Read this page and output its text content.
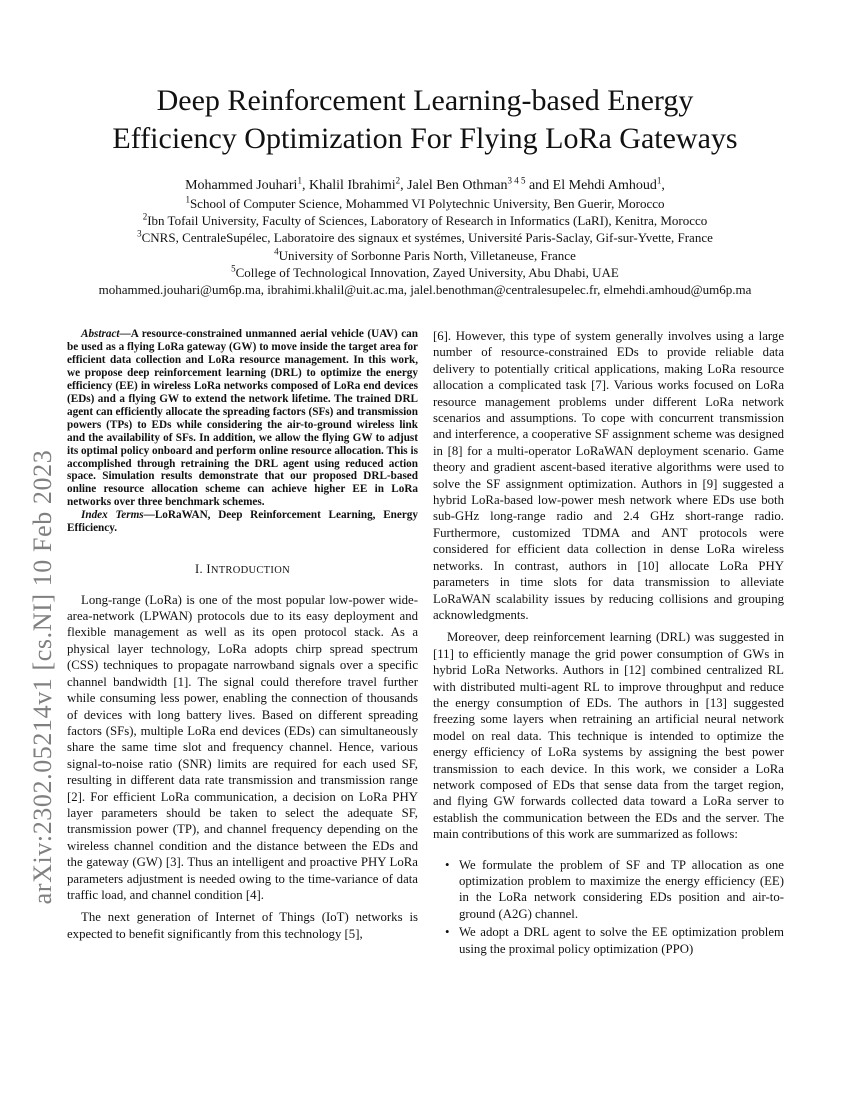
arXiv:2302.05214v1 [cs.NI] 10 Feb 2023
Deep Reinforcement Learning-based Energy
Efficiency Optimization For Flying LoRa Gateways
Mohammed Jouhari$^1$, Khalil Ibrahimi$^2$, Jalel Ben Othman$^{3 4 5}$ and El Mehdi Amhoud$^1$,
$^1$School of Computer Science, Mohammed VI Polytechnic University, Ben Guerir, Morocco
$^2$Ibn Tofail University, Faculty of Sciences, Laboratory of Research in Informatics (LaRI), Kenitra, Morocco
$^3$CNRS, CentraleSupélec, Laboratoire des signaux et systémes, Université Paris-Saclay, Gif-sur-Yvette, France
$^4$University of Sorbonne Paris North, Villetaneuse, France
$^5$College of Technological Innovation, Zayed University, Abu Dhabi, UAE
mohammed.jouhari@um6p.ma, ibrahimi.khalil@uit.ac.ma, jalel.benothman@centralesupelec.fr, elmehdi.amhoud@um6p.ma

Abstract—A resource-constrained unmanned aerial vehicle (UAV) can be used as a flying LoRa gateway (GW) to move inside the target area for efficient data collection and LoRa resource management. In this work, we propose deep reinforcement learning (DRL) to optimize the energy efficiency (EE) in wireless LoRa networks composed of LoRa end devices (EDs) and a flying GW to extend the network lifetime. The trained DRL agent can efficiently allocate the spreading factors (SFs) and transmission powers (TPs) to EDs while considering the air-to-ground wireless link and the availability of SFs. In addition, we allow the flying GW to adjust its optimal policy onboard and perform online resource allocation. This is accomplished through retraining the DRL agent using reduced action space. Simulation results demonstrate that our proposed DRL-based online resource allocation scheme can achieve higher EE in LoRa networks over three benchmark schemes.

Index Terms—LoRaWAN, Deep Reinforcement Learning, Energy Efficiency.

I. INTRODUCTION

Long-range (LoRa) is one of the most popular low-power wide-area-network (LPWAN) protocols due to its easy deployment and flexible management as well as its open protocol stack. As a physical layer technology, LoRa adopts chirp spread spectrum (CSS) techniques to propagate narrowband signals over a specific channel bandwidth [1]. The signal could therefore travel further while consuming less power, enabling the connection of thousands of devices with long battery lives. Based on different spreading factors (SFs), multiple LoRa end devices (EDs) can simultaneously share the same time slot and frequency channel. Hence, various signal-to-noise ratio (SNR) limits are required for each used SF, resulting in different data rate transmission and transmission range [2]. For efficient LoRa communication, a decision on LoRa PHY layer parameters should be taken to select the adequate SF, transmission power (TP), and channel frequency depending on the wireless channel condition and the distance between the EDs and the gateway (GW) [3]. Thus an intelligent and proactive PHY LoRa parameters adjustment is needed owing to the time-variance of data traffic load, and channel condition [4].

The next generation of Internet of Things (IoT) networks is expected to benefit significantly from this technology [5],

[6]. However, this type of system generally involves using a large number of resource-constrained EDs to provide reliable data delivery to potentially critical applications, making LoRa resource allocation a complicated task [7]. Various works focused on LoRa resource management problems under different LoRa network scenarios and assumptions. To cope with concurrent transmission and interference, a cooperative SF assignment scheme was designed in [8] for a multi-operator LoRaWAN deployment scenario. Game theory and gradient ascent-based iterative algorithms were used to solve the SF assignment optimization. Authors in [9] suggested a hybrid LoRa-based low-power mesh network where EDs use both sub-GHz long-range radio and 2.4 GHz short-range radio. Furthermore, customized TDMA and ANT protocols were considered for efficient data collection in dense LoRa wireless networks. In contrast, authors in [10] allocate LoRa PHY parameters in time slots for data transmission to alleviate LoRaWAN scalability issues by reducing collisions and grouping acknowledgments.

Moreover, deep reinforcement learning (DRL) was suggested in [11] to efficiently manage the grid power consumption of GWs in hybrid LoRa Networks. Authors in [12] combined centralized RL with distributed multi-agent RL to improve throughput and reduce the energy consumption of EDs. The authors in [13] suggested freezing some layers when retraining an artificial neural network model on real data. This technique is intended to optimize the energy efficiency of LoRa systems by assigning the best power transmission to each device. In this work, we consider a LoRa network composed of EDs that sense data from the target region, and flying GW forwards collected data toward a LoRa server to establish the communication between the EDs and the server. The main contributions of this work are summarized as follows:

• We formulate the problem of SF and TP allocation as one optimization problem to maximize the energy efficiency (EE) in the LoRa network considering EDs position and air-to-ground (A2G) channel.
• We adopt a DRL agent to solve the EE optimization problem using the proximal policy optimization (PPO)
